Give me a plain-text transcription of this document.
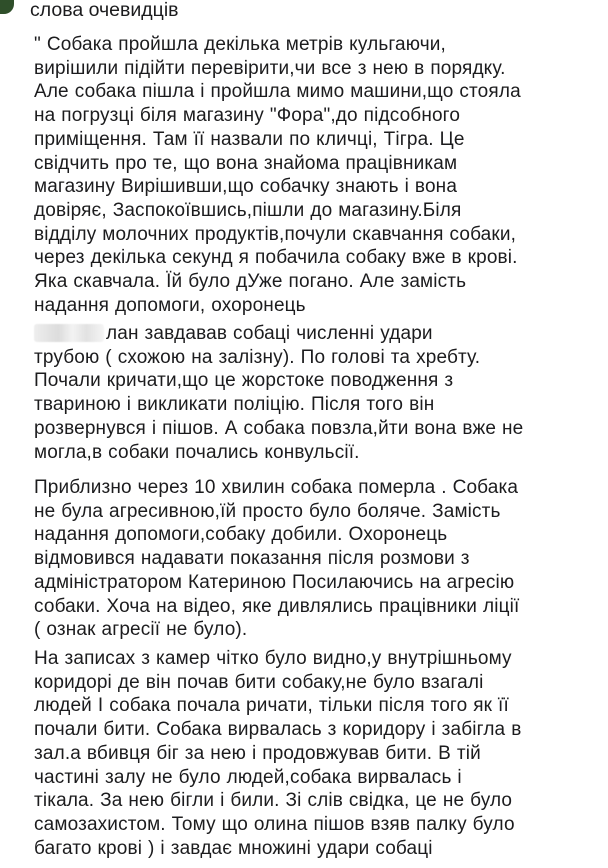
слова очевидців

" Собака пройшла декілька метрів кульгаючи,
вирішили підійти перевірити,чи все з нею в порядку.
Але собака пішла і пройшла мимо машини,що стояла
на погрузці біля магазину "Фора",до підсобного
приміщення. Там її назвали по кличці, Тігра. Це
свідчить про те, що вона знайома працівникам
магазину Вирішивши,що собачку знають і вона
довіряє, Заспокоївшись,пішли до магазину.Біля
відділу молочних продуктів,почули скавчання собаки,
через декілька секунд я побачила собаку вже в крові.
Яка скавчала. Їй було дУже погано. Але замість
надання допомоги, охоронець

лан завдавав собаці численні удари
трубою ( схожою на залізну). По голові та хребту.
Почали кричати,що це жорстоке поводження з
твариною і викликати поліцію. Після того він
розвернувся і пішов. А собака повзла,йти вона вже не
могла,в собаки почались конвульсії.

Приблизно через 10 хвилин собака померла . Собака
не була агресивною,їй просто було боляче. Замість
надання допомоги,собаку добили. Охоронець
відмовився надавати показання після розмови з
адміністратором Катериною Посилаючись на агресію
собаки. Хоча на відео, яке дивлялись працівники ліції
( ознак агресії не було).

На записах з камер чітко було видно,у внутрішньому
коридорі де він почав бити собаку,не було взагалі
людей І собака почала ричати, тільки після того як її
почали бити. Собака вирвалась з коридору і забігла в
зал.а вбивця біг за нею і продовжував бити. В тій
частині залу не було людей,собака вирвалась і
тікала. За нею бігли і били. Зі слів свідка, це не було
самозахистом. Тому що олина пішов взяв палку було
багато крові ) і завдає множині удари собаці
